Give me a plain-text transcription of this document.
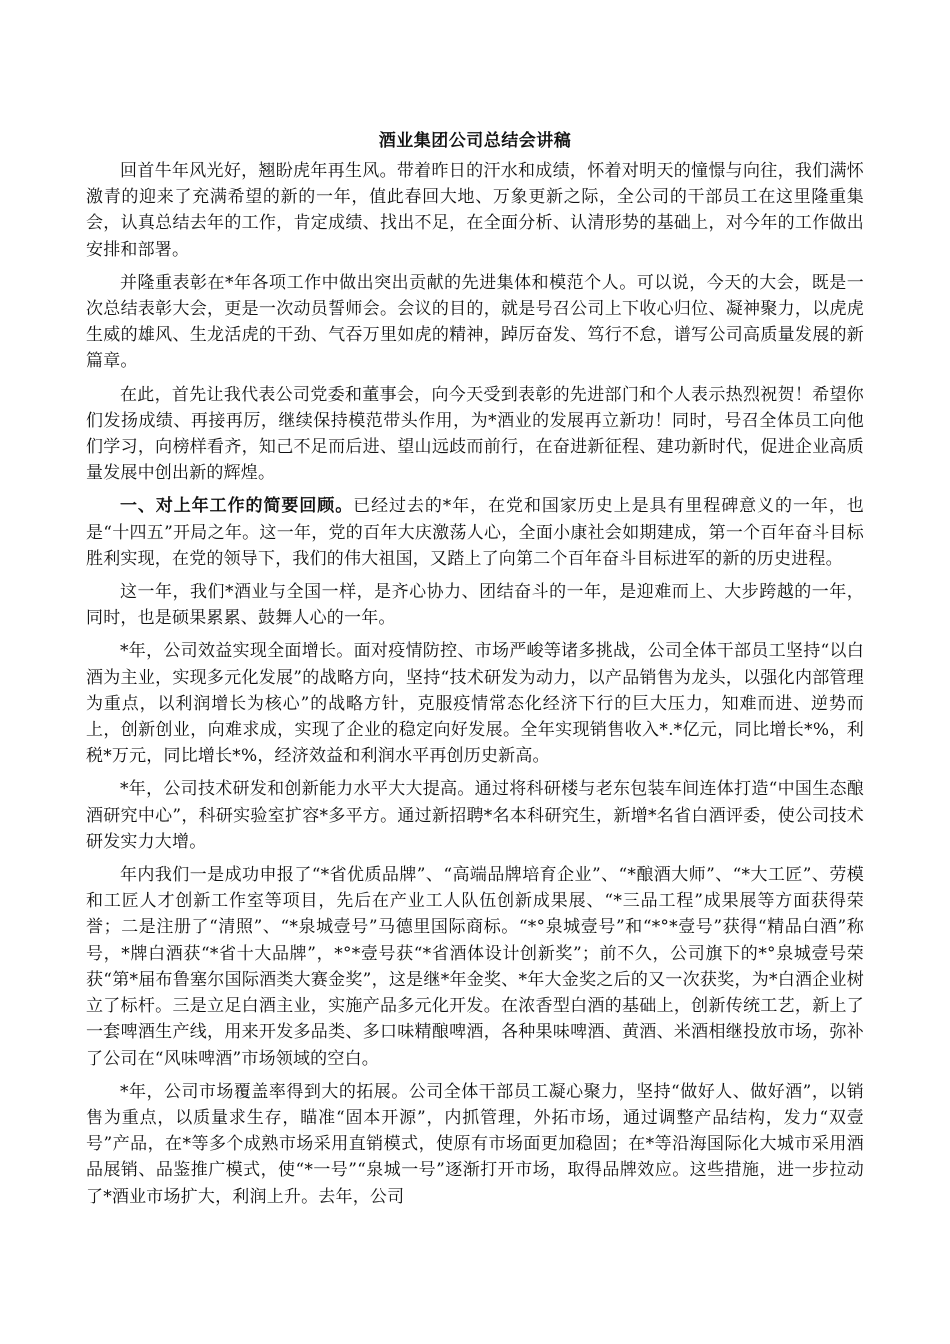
酒业集团公司总结会讲稿

回首牛年风光好，翘盼虎年再生风。带着昨日的汗水和成绩，怀着对明天的憧憬与向往，我们满怀激青的迎来了充满希望的新的一年，值此春回大地、万象更新之际，全公司的干部员工在这里隆重集会，认真总结去年的工作，肯定成绩、找出不足，在全面分析、认清形势的基础上，对今年的工作做出安排和部署。

并隆重表彰在*年各项工作中做出突出贡献的先进集体和模范个人。可以说，今天的大会，既是一次总结表彰大会，更是一次动员誓师会。会议的目的，就是号召公司上下收心归位、凝神聚力，以虎虎生威的雄风、生龙活虎的干劲、气吞万里如虎的精神，踔厉奋发、笃行不怠，谱写公司高质量发展的新篇章。

在此，首先让我代表公司党委和董事会，向今天受到表彰的先进部门和个人表示热烈祝贺！希望你们发扬成绩、再接再厉，继续保持模范带头作用，为*酒业的发展再立新功！同时，号召全体员工向他们学习，向榜样看齐，知己不足而后进、望山远歧而前行，在奋进新征程、建功新时代，促进企业高质量发展中创出新的辉煌。

一、对上年工作的简要回顾。已经过去的*年，在党和国家历史上是具有里程碑意义的一年，也是“十四五”开局之年。这一年，党的百年大庆激荡人心，全面小康社会如期建成，第一个百年奋斗目标胜利实现，在党的领导下，我们的伟大祖国，又踏上了向第二个百年奋斗目标进军的新的历史进程。

这一年，我们*酒业与全国一样，是齐心协力、团结奋斗的一年，是迎难而上、大步跨越的一年，同时，也是硕果累累、鼓舞人心的一年。

*年，公司效益实现全面增长。面对疫情防控、市场严峻等诸多挑战，公司全体干部员工坚持“以白酒为主业，实现多元化发展”的战略方向，坚持“技术研发为动力，以产品销售为龙头，以强化内部管理为重点，以利润增长为核心”的战略方针，克服疫情常态化经济下行的巨大压力，知难而进、逆势而上，创新创业，向难求成，实现了企业的稳定向好发展。全年实现销售收入*.*亿元，同比增长*%，利税*万元，同比增长*%，经济效益和利润水平再创历史新高。

*年，公司技术研发和创新能力水平大大提高。通过将科研楼与老东包装车间连体打造“中国生态酿酒研究中心”，科研实验室扩容*多平方。通过新招聘*名本科研究生，新增*名省白酒评委，使公司技术研发实力大增。

年内我们一是成功申报了“*省优质品牌”、“高端品牌培育企业”、“*酿酒大师”、“*大工匠”、劳模和工匠人才创新工作室等项目，先后在产业工人队伍创新成果展、“*三品工程”成果展等方面获得荣誉；二是注册了“清照”、“*泉城壹号”马德里国际商标。“*°泉城壹号”和“*°*壹号”获得“精品白酒”称号，*牌白酒获“*省十大品牌”，*°*壹号获“*省酒体设计创新奖”；前不久，公司旗下的*°泉城壹号荣获“第*届布鲁塞尔国际酒类大赛金奖”，这是继*年金奖、*年大金奖之后的又一次获奖，为*白酒企业树立了标杆。三是立足白酒主业，实施产品多元化开发。在浓香型白酒的基础上，创新传统工艺，新上了一套啤酒生产线，用来开发多品类、多口味精酿啤酒，各种果味啤酒、黄酒、米酒相继投放市场，弥补了公司在“风味啤酒”市场领域的空白。

*年，公司市场覆盖率得到大的拓展。公司全体干部员工凝心聚力，坚持“做好人、做好酒”，以销售为重点，以质量求生存，瞄准“固本开源”，内抓管理，外拓市场，通过调整产品结构，发力“双壹号”产品，在*等多个成熟市场采用直销模式，使原有市场面更加稳固；在*等沿海国际化大城市采用酒品展销、品鉴推广模式，使“*一号”“泉城一号”逐渐打开市场，取得品牌效应。这些措施，进一步拉动了*酒业市场扩大，利润上升。去年，公司
